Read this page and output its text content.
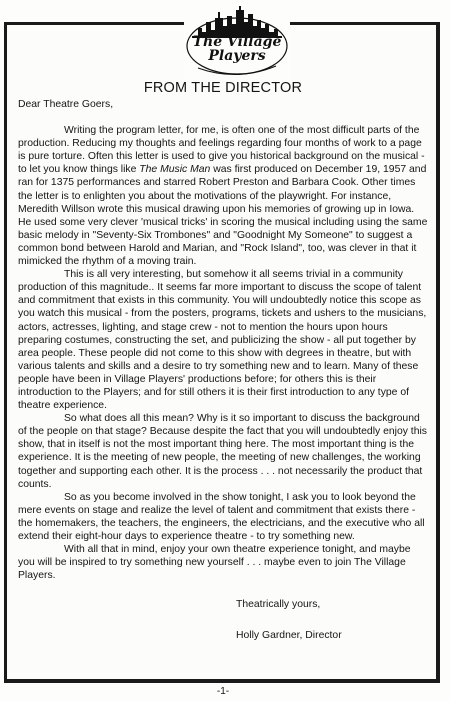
The Village
Players
FROM THE DIRECTOR

Dear Theatre Goers,

Writing the program letter, for me, is often one of the most difficult parts of the production. Reducing my thoughts and feelings regarding four months of work to a page is pure torture. Often this letter is used to give you historical background on the musical - to let you know things like The Music Man was first produced on December 19, 1957 and ran for 1375 performances and starred Robert Preston and Barbara Cook. Other times the letter is to enlighten you about the motivations of the playwright. For instance, Meredith Willson wrote this musical drawing upon his memories of growing up in Iowa. He used some very clever 'musical tricks' in scoring the musical including using the same basic melody in "Seventy-Six Trombones" and "Goodnight My Someone" to suggest a common bond between Harold and Marian, and "Rock Island", too, was clever in that it mimicked the rhythm of a moving train.

This is all very interesting, but somehow it all seems trivial in a community production of this magnitude.. It seems far more important to discuss the scope of talent and commitment that exists in this community. You will undoubtedly notice this scope as you watch this musical - from the posters, programs, tickets and ushers to the musicians, actors, actresses, lighting, and stage crew - not to mention the hours upon hours preparing costumes, constructing the set, and publicizing the show - all put together by area people. These people did not come to this show with degrees in theatre, but with various talents and skills and a desire to try something new and to learn. Many of these people have been in Village Players' productions before; for others this is their introduction to the Players; and for still others it is their first introduction to any type of theatre experience.

So what does all this mean? Why is it so important to discuss the background of the people on that stage? Because despite the fact that you will undoubtedly enjoy this show, that in itself is not the most important thing here. The most important thing is the experience. It is the meeting of new people, the meeting of new challenges, the working together and supporting each other. It is the process . . . not necessarily the product that counts.

So as you become involved in the show tonight, I ask you to look beyond the mere events on stage and realize the level of talent and commitment that exists there - the homemakers, the teachers, the engineers, the electricians, and the executive who all extend their eight-hour days to experience theatre - to try something new.

With all that in mind, enjoy your own theatre experience tonight, and maybe you will be inspired to try something new yourself . . . maybe even to join The Village Players.

Theatrically yours,

Holly Gardner, Director

-1-
